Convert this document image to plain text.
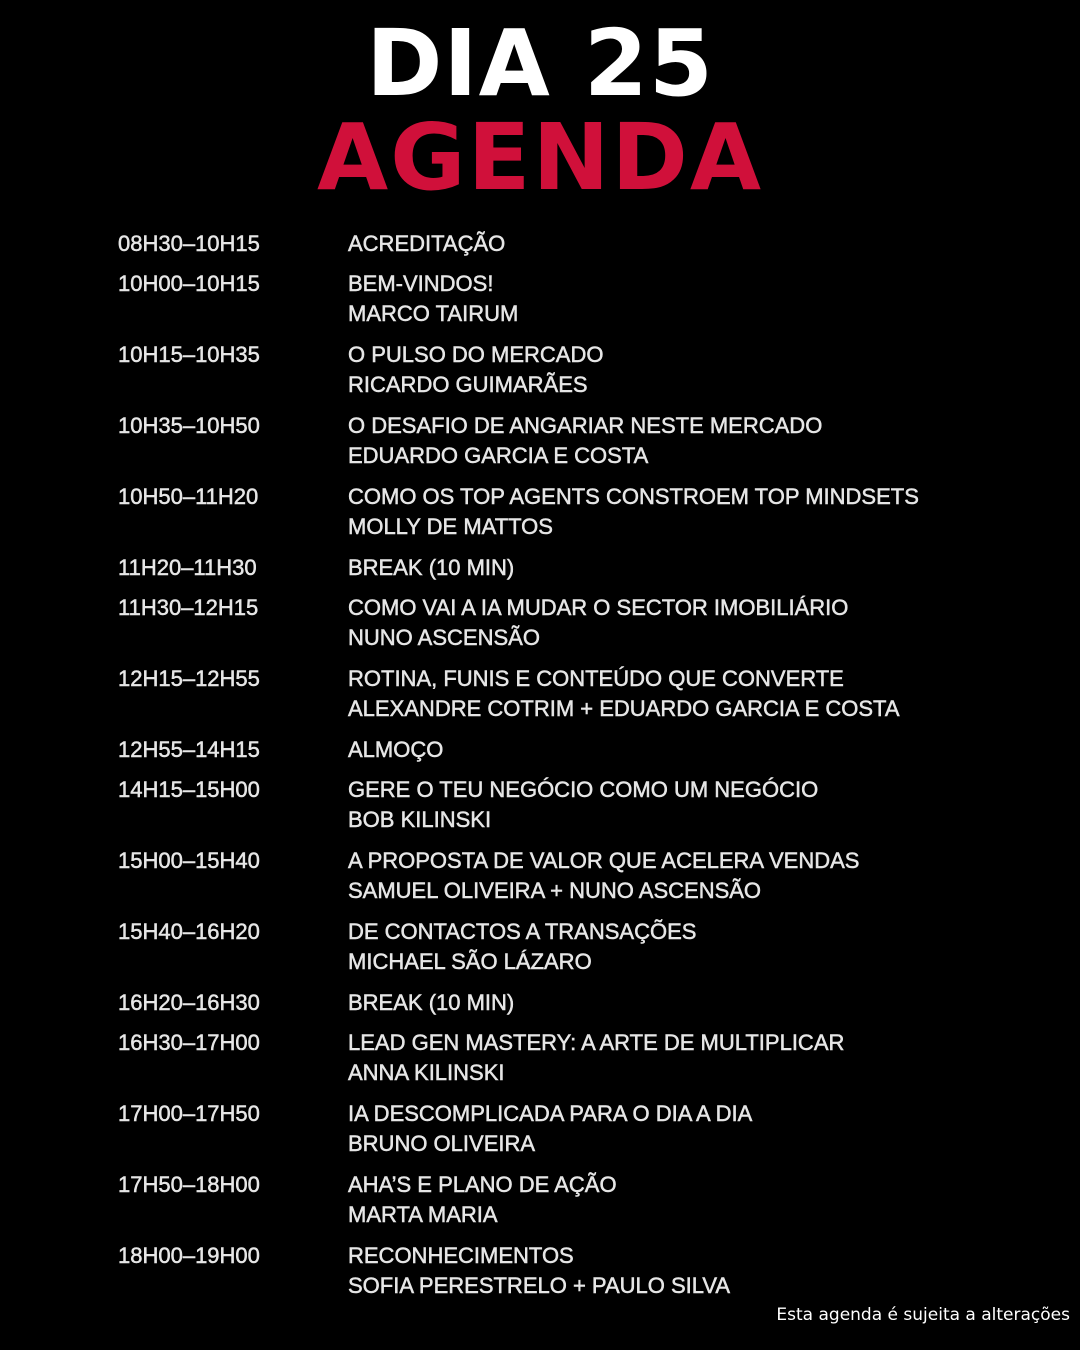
DIA 25
AGENDA
08H30–10H15	ACREDITAÇÃO
10H00–10H15	BEM-VINDOS!
MARCO TAIRUM
10H15–10H35	O PULSO DO MERCADO
RICARDO GUIMARÃES
10H35–10H50	O DESAFIO DE ANGARIAR NESTE MERCADO
EDUARDO GARCIA E COSTA
10H50–11H20	COMO OS TOP AGENTS CONSTROEM TOP MINDSETS
MOLLY DE MATTOS
11H20–11H30	BREAK (10 MIN)
11H30–12H15	COMO VAI A IA MUDAR O SECTOR IMOBILIÁRIO
NUNO ASCENSÃO
12H15–12H55	ROTINA, FUNIS E CONTEÚDO QUE CONVERTE
ALEXANDRE COTRIM + EDUARDO GARCIA E COSTA
12H55–14H15	ALMOÇO
14H15–15H00	GERE O TEU NEGÓCIO COMO UM NEGÓCIO
BOB KILINSKI
15H00–15H40	A PROPOSTA DE VALOR QUE ACELERA VENDAS
SAMUEL OLIVEIRA + NUNO ASCENSÃO
15H40–16H20	DE CONTACTOS A TRANSAÇÕES
MICHAEL SÃO LÁZARO
16H20–16H30	BREAK (10 MIN)
16H30–17H00	LEAD GEN MASTERY: A ARTE DE MULTIPLICAR
ANNA KILINSKI
17H00–17H50	IA DESCOMPLICADA PARA O DIA A DIA
BRUNO OLIVEIRA
17H50–18H00	AHA’S E PLANO DE AÇÃO
MARTA MARIA
18H00–19H00	RECONHECIMENTOS
SOFIA PERESTRELO + PAULO SILVA
Esta agenda é sujeita a alterações
